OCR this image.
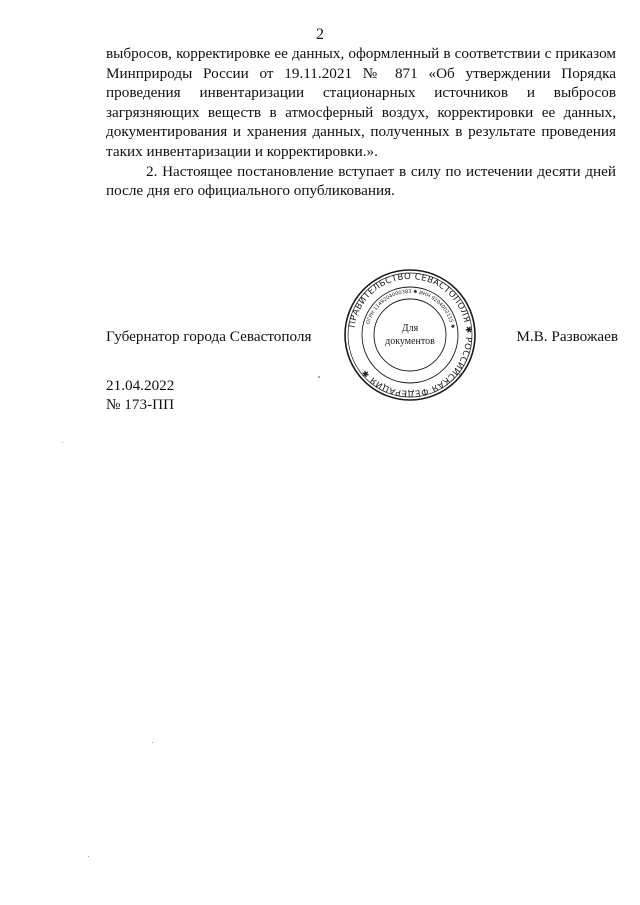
2

выбросов, корректировке ее данных, оформленный в соответствии с приказом Минприроды России от 19.11.2021 № 871 «Об утверждении Порядка проведения инвентаризации стационарных источников и выбросов загрязняющих веществ в атмосферный воздух, корректировки ее данных, документирования и хранения данных, полученных в результате проведения таких инвентаризации и корректировки.».

2. Настоящее постановление вступает в силу по истечении десяти дней после дня его официального опубликования.

Губернатор города Севастополя	М.В. Развожаев
ПРАВИТЕЛЬСТВО СЕВАСТОПОЛЯ ✱ РОССИЙСКАЯ ФЕДЕРАЦИЯ ✱
ОГРН 1149204000383 ✱ ИНН 9204002115 ✱
Для
документов
21.04.2022
№ 173-ПП
